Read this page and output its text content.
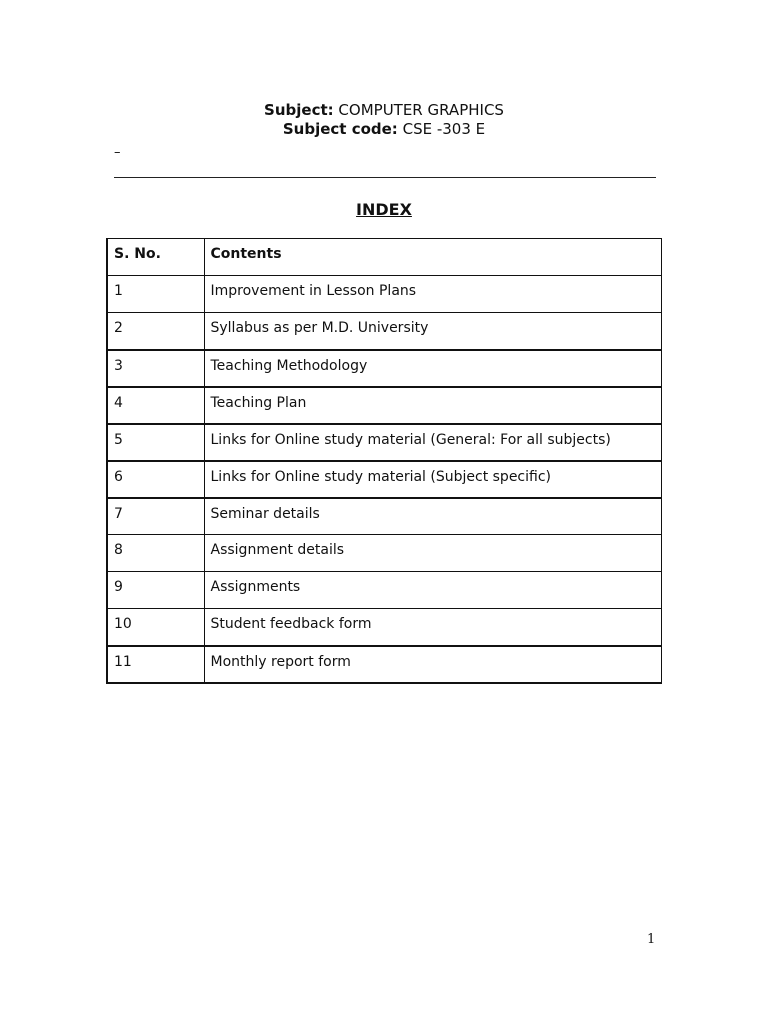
Subject: COMPUTER GRAPHICS
Subject code: CSE -303 E
–
INDEX
S. No.	Contents
1	Improvement in Lesson Plans
2	Syllabus as per M.D. University
3	Teaching Methodology
4	Teaching Plan
5	Links for Online study material (General: For all subjects)
6	Links for Online study material (Subject specific)
7	Seminar details
8	Assignment details
9	Assignments
10	Student feedback form
11	Monthly report form
1
